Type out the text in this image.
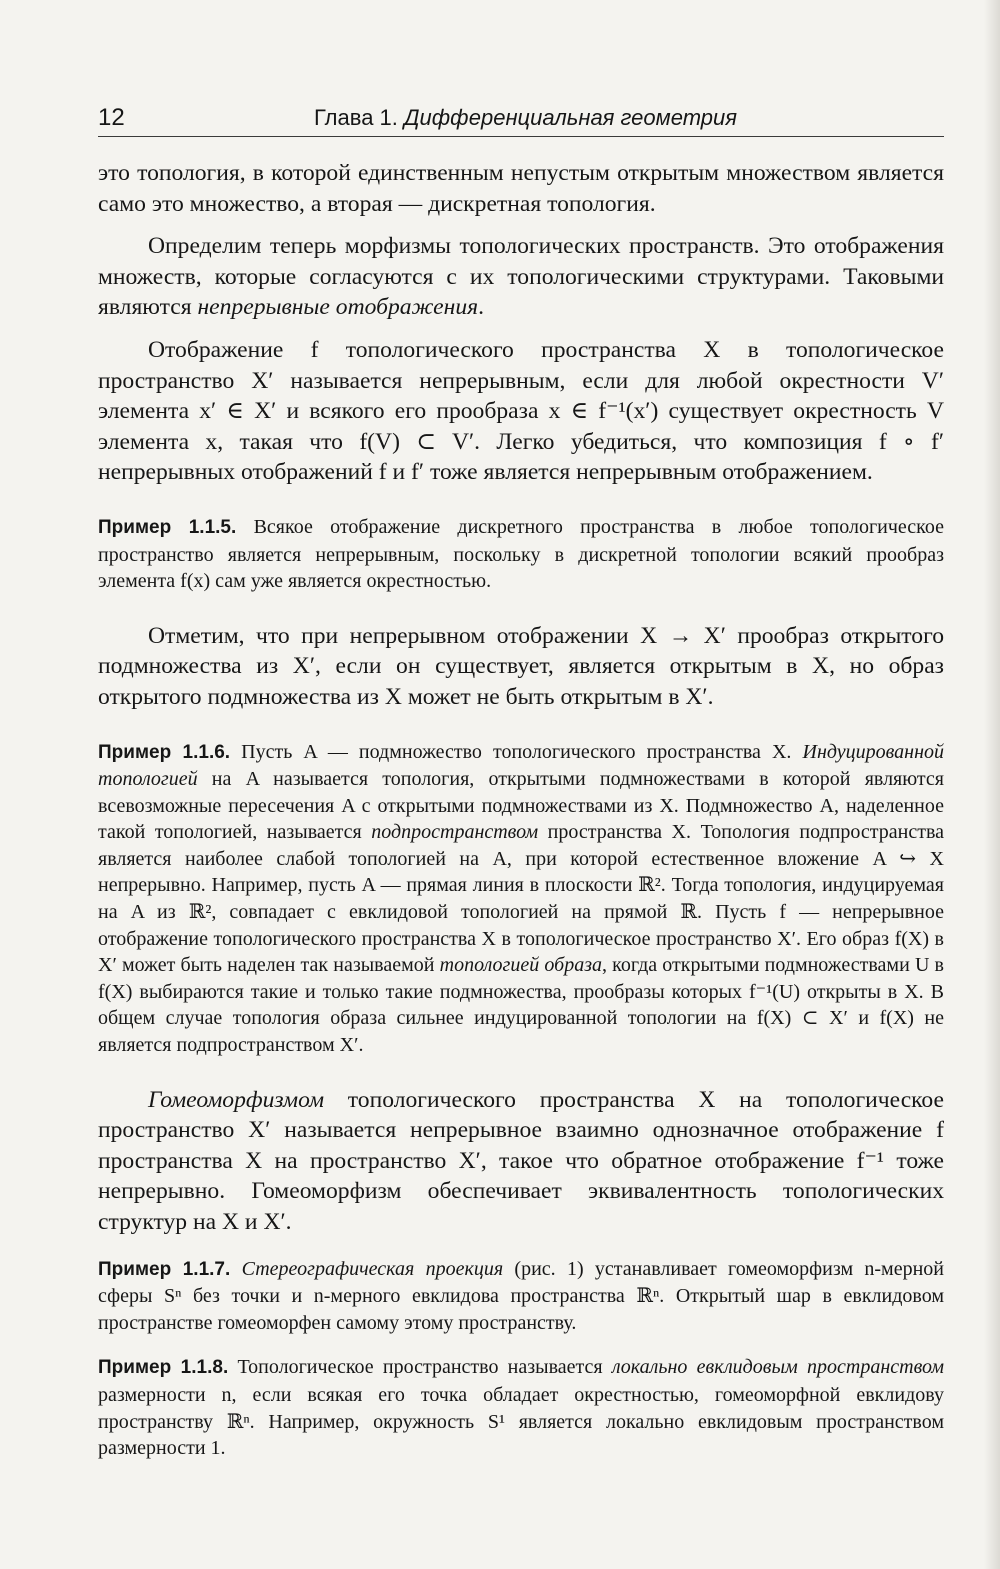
12	Глава 1. Дифференциальная геометрия

это топология, в которой единственным непустым открытым множеством является само это множество, а вторая — дискретная топология.

Определим теперь морфизмы топологических пространств. Это отображения множеств, которые согласуются с их топологическими структурами. Таковыми являются непрерывные отображения.

Отображение f топологического пространства X в топологическое пространство X′ называется непрерывным, если для любой окрестности V′ элемента x′ ∈ X′ и всякого его прообраза x ∈ f⁻¹(x′) существует окрестность V элемента x, такая что f(V) ⊂ V′. Легко убедиться, что композиция f ∘ f′ непрерывных отображений f и f′ тоже является непрерывным отображением.

Пример 1.1.5. Всякое отображение дискретного пространства в любое топологическое пространство является непрерывным, поскольку в дискретной топологии всякий прообраз элемента f(x) сам уже является окрестностью.

Отметим, что при непрерывном отображении X → X′ прообраз открытого подмножества из X′, если он существует, является открытым в X, но образ открытого подмножества из X может не быть открытым в X′.

Пример 1.1.6. Пусть A — подмножество топологического пространства X. Индуцированной топологией на A называется топология, открытыми подмножествами в которой являются всевозможные пересечения A с открытыми подмножествами из X. Подмножество A, наделенное такой топологией, называется подпространством пространства X. Топология подпространства является наиболее слабой топологией на A, при которой естественное вложение A ↪ X непрерывно. Например, пусть A — прямая линия в плоскости ℝ². Тогда топология, индуцируемая на A из ℝ², совпадает с евклидовой топологией на прямой ℝ. Пусть f — непрерывное отображение топологического пространства X в топологическое пространство X′. Его образ f(X) в X′ может быть наделен так называемой топологией образа, когда открытыми подмножествами U в f(X) выбираются такие и только такие подмножества, прообразы которых f⁻¹(U) открыты в X. В общем случае топология образа сильнее индуцированной топологии на f(X) ⊂ X′ и f(X) не является подпространством X′.

Гомеоморфизмом топологического пространства X на топологическое пространство X′ называется непрерывное взаимно однозначное отображение f пространства X на пространство X′, такое что обратное отображение f⁻¹ тоже непрерывно. Гомеоморфизм обеспечивает эквивалентность топологических структур на X и X′.

Пример 1.1.7. Стереографическая проекция (рис. 1) устанавливает гомеоморфизм n-мерной сферы Sⁿ без точки и n-мерного евклидова пространства ℝⁿ. Открытый шар в евклидовом пространстве гомеоморфен самому этому пространству.

Пример 1.1.8. Топологическое пространство называется локально евклидовым пространством размерности n, если всякая его точка обладает окрестностью, гомеоморфной евклидову пространству ℝⁿ. Например, окружность S¹ является локально евклидовым пространством размерности 1.
